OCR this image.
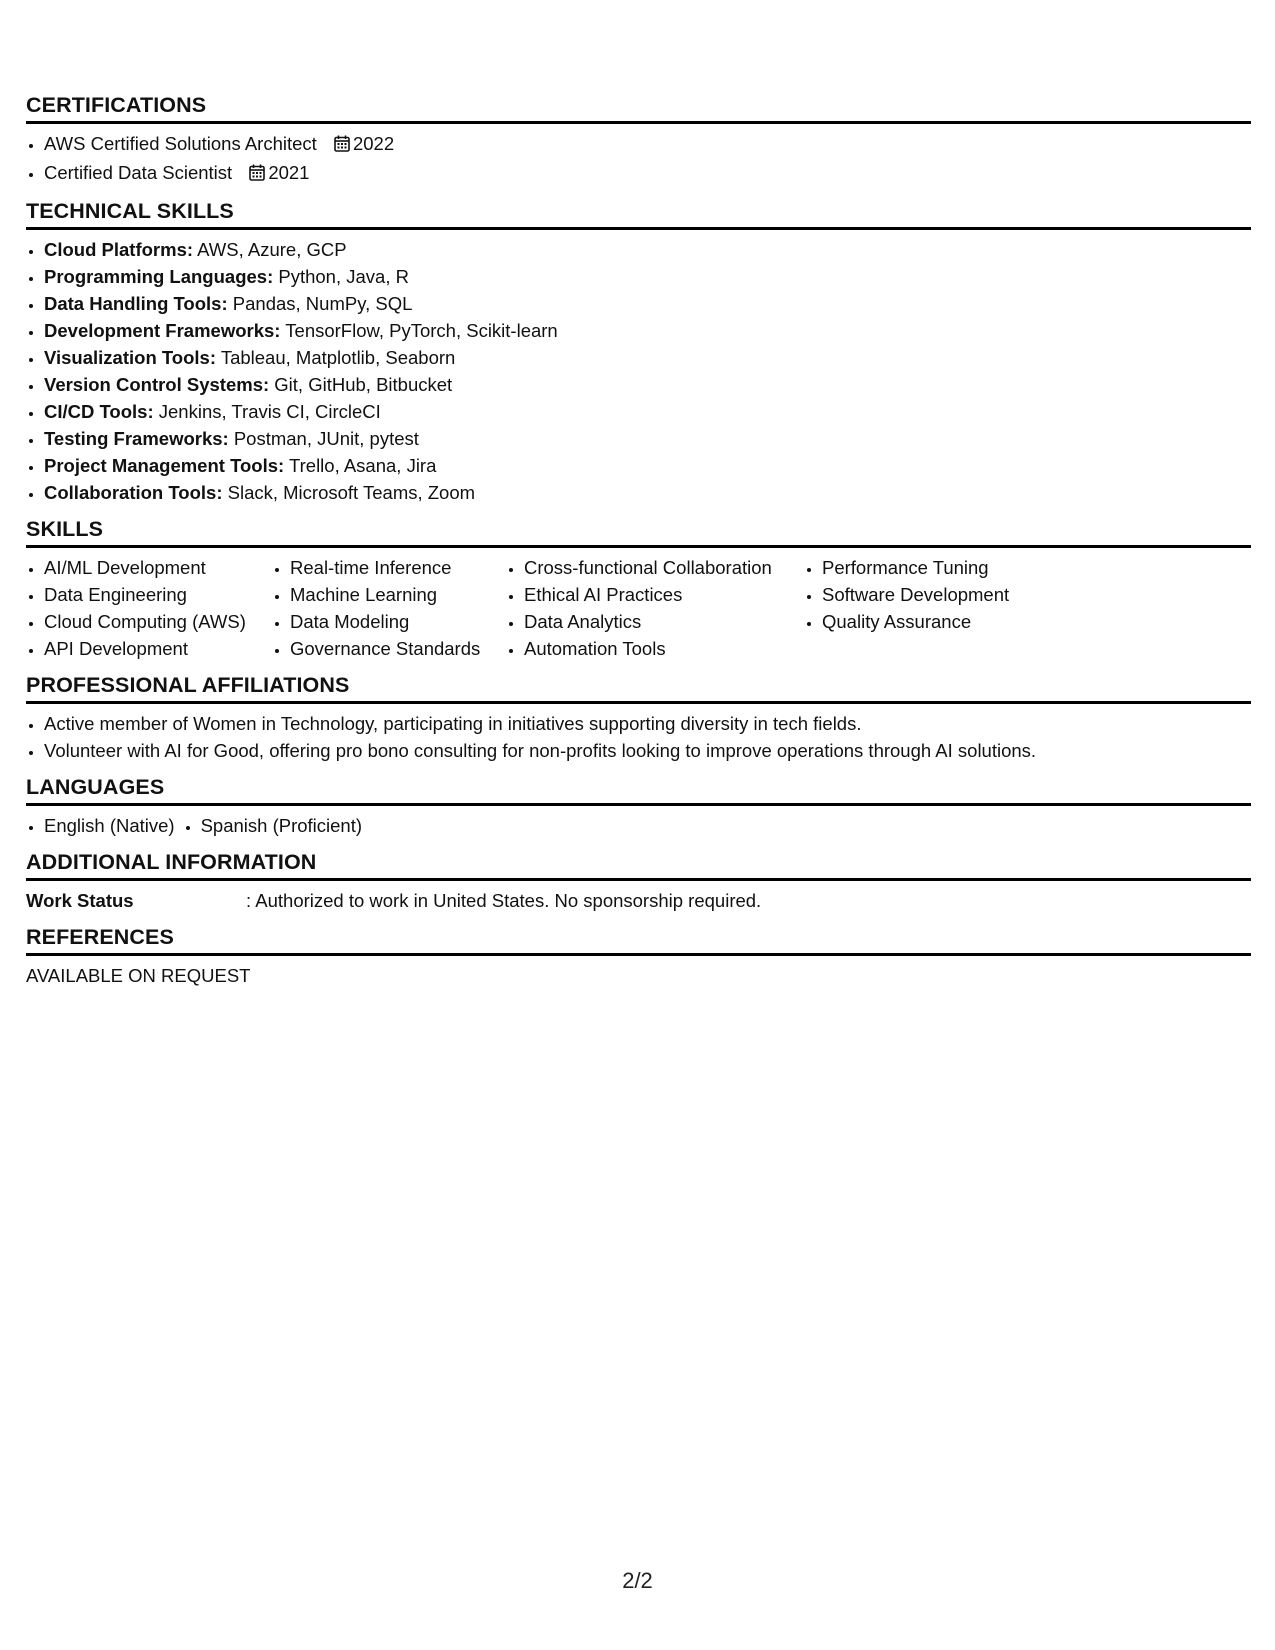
CERTIFICATIONS
• AWS Certified Solutions Architect 2022
• Certified Data Scientist 2021
TECHNICAL SKILLS
• Cloud Platforms: AWS, Azure, GCP
• Programming Languages: Python, Java, R
• Data Handling Tools: Pandas, NumPy, SQL
• Development Frameworks: TensorFlow, PyTorch, Scikit-learn
• Visualization Tools: Tableau, Matplotlib, Seaborn
• Version Control Systems: Git, GitHub, Bitbucket
• CI/CD Tools: Jenkins, Travis CI, CircleCI
• Testing Frameworks: Postman, JUnit, pytest
• Project Management Tools: Trello, Asana, Jira
• Collaboration Tools: Slack, Microsoft Teams, Zoom
SKILLS
• AI/ML Development
• Data Engineering
• Cloud Computing (AWS)
• API Development
• Real-time Inference
• Machine Learning
• Data Modeling
• Governance Standards
• Cross-functional Collaboration
• Ethical AI Practices
• Data Analytics
• Automation Tools
• Performance Tuning
• Software Development
• Quality Assurance
PROFESSIONAL AFFILIATIONS
• Active member of Women in Technology, participating in initiatives supporting diversity in tech fields.
• Volunteer with AI for Good, offering pro bono consulting for non-profits looking to improve operations through AI solutions.
LANGUAGES
• English (Native)
• Spanish (Proficient)
ADDITIONAL INFORMATION
Work Status	: Authorized to work in United States. No sponsorship required.
REFERENCES

AVAILABLE ON REQUEST

2/2
